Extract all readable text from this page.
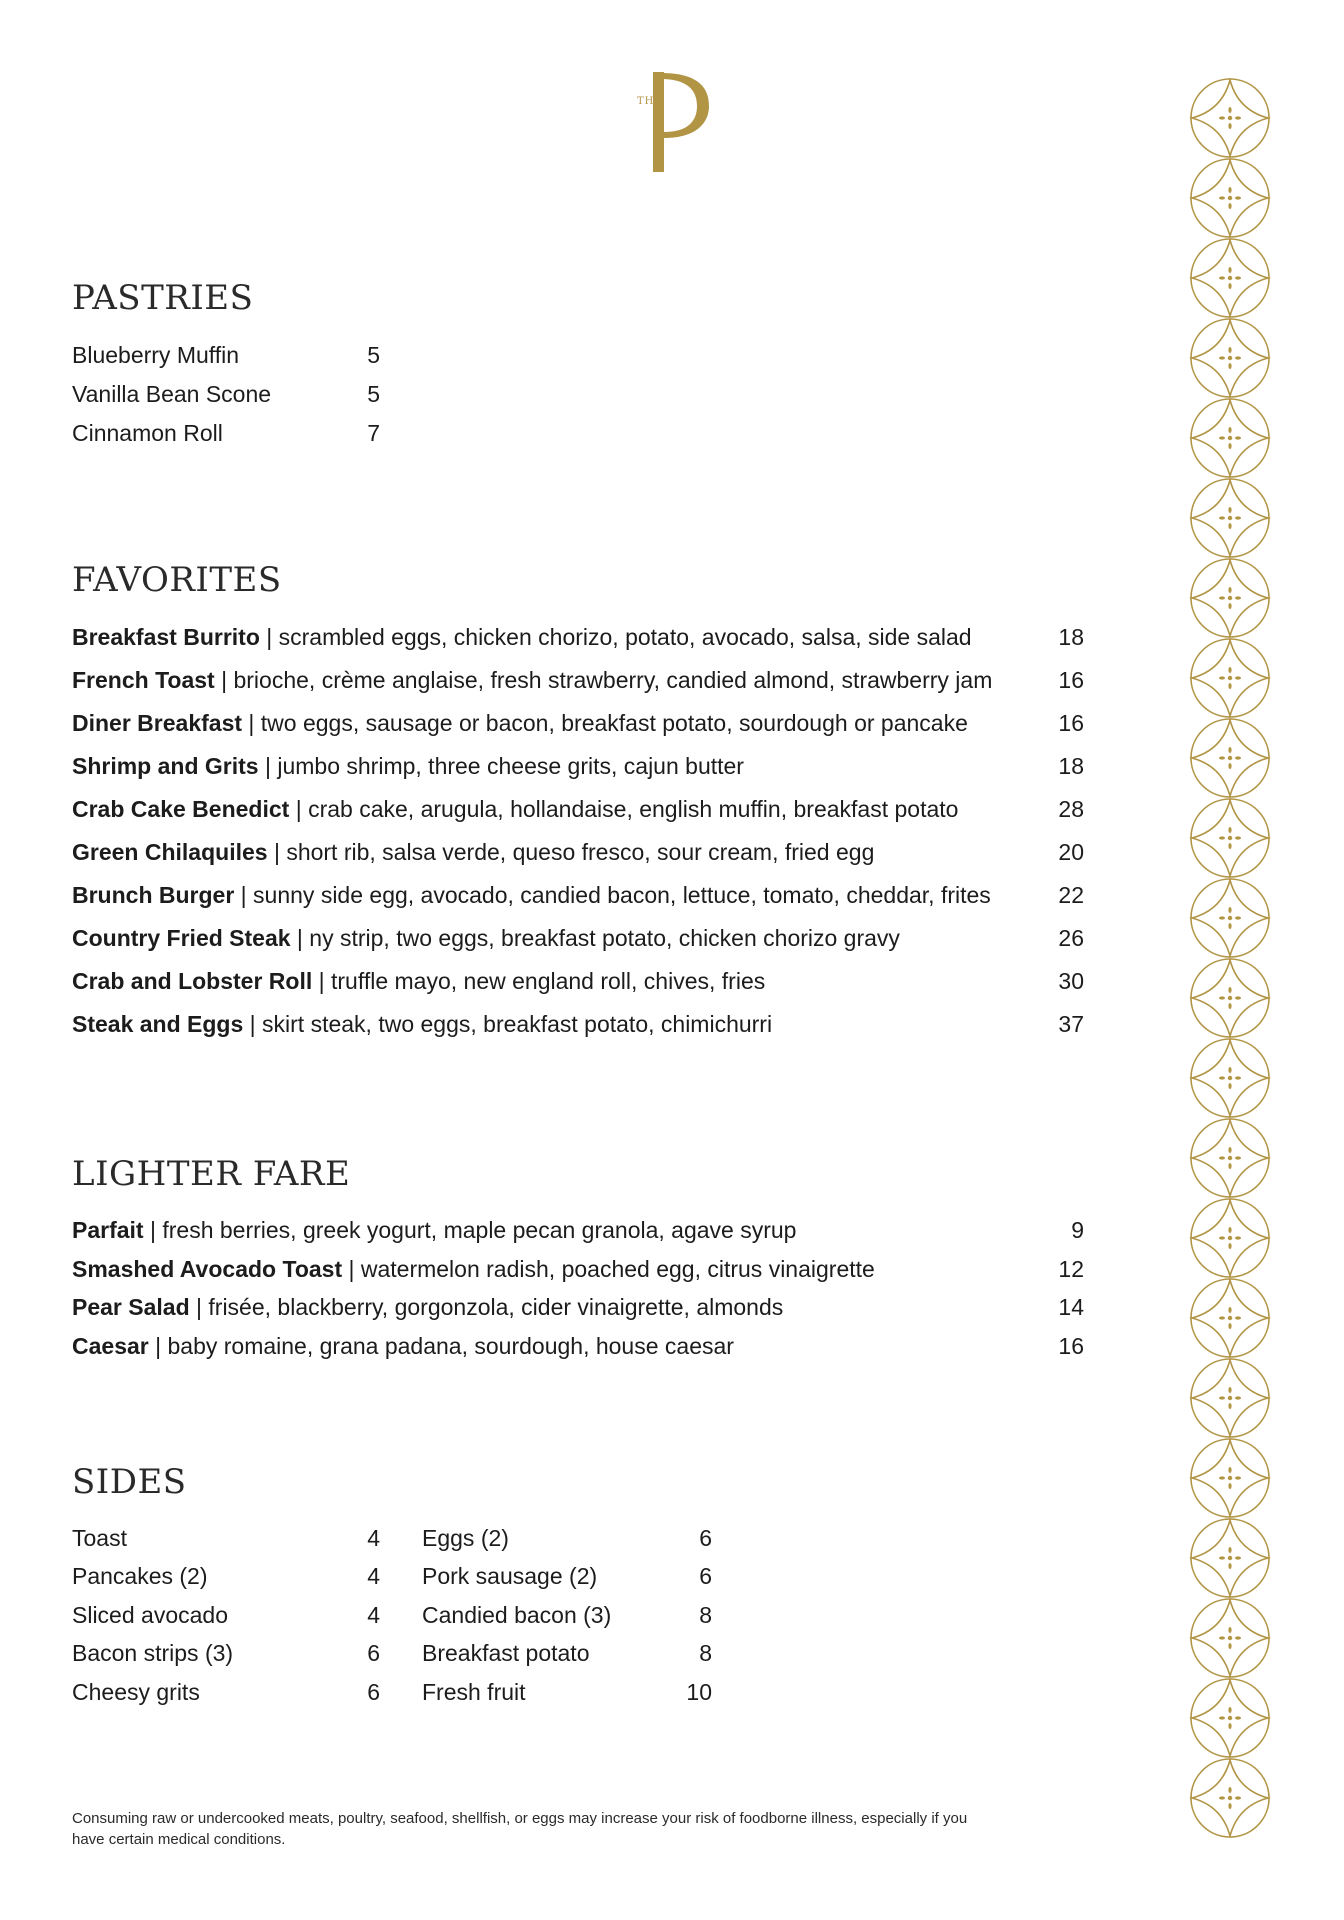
THE
PASTRIES
Blueberry Muffin	5
Vanilla Bean Scone	5
Cinnamon Roll	7
FAVORITES
Breakfast Burrito | scrambled eggs, chicken chorizo, potato, avocado, salsa, side salad	18
French Toast | brioche, crème anglaise, fresh strawberry, candied almond, strawberry jam	16
Diner Breakfast | two eggs, sausage or bacon, breakfast potato, sourdough or pancake	16
Shrimp and Grits | jumbo shrimp, three cheese grits, cajun butter	18
Crab Cake Benedict | crab cake, arugula, hollandaise, english muffin, breakfast potato	28
Green Chilaquiles | short rib, salsa verde, queso fresco, sour cream, fried egg	20
Brunch Burger | sunny side egg, avocado, candied bacon, lettuce, tomato, cheddar, frites	22
Country Fried Steak | ny strip, two eggs, breakfast potato, chicken chorizo gravy	26
Crab and Lobster Roll | truffle mayo, new england roll, chives, fries	30
Steak and Eggs | skirt steak, two eggs, breakfast potato, chimichurri	37
LIGHTER FARE
Parfait | fresh berries, greek yogurt, maple pecan granola, agave syrup	9
Smashed Avocado Toast | watermelon radish, poached egg, citrus vinaigrette	12
Pear Salad | frisée, blackberry, gorgonzola, cider vinaigrette, almonds	14
Caesar | baby romaine, grana padana, sourdough, house caesar	16
SIDES
Toast	4
Pancakes (2)	4
Sliced avocado	4
Bacon strips (3)	6
Cheesy grits	6
Eggs (2)	6
Pork sausage (2)	6
Candied bacon (3)	8
Breakfast potato	8
Fresh fruit	10
Consuming raw or undercooked meats, poultry, seafood, shellfish, or eggs may increase your risk of foodborne illness, especially if you have certain medical conditions.
